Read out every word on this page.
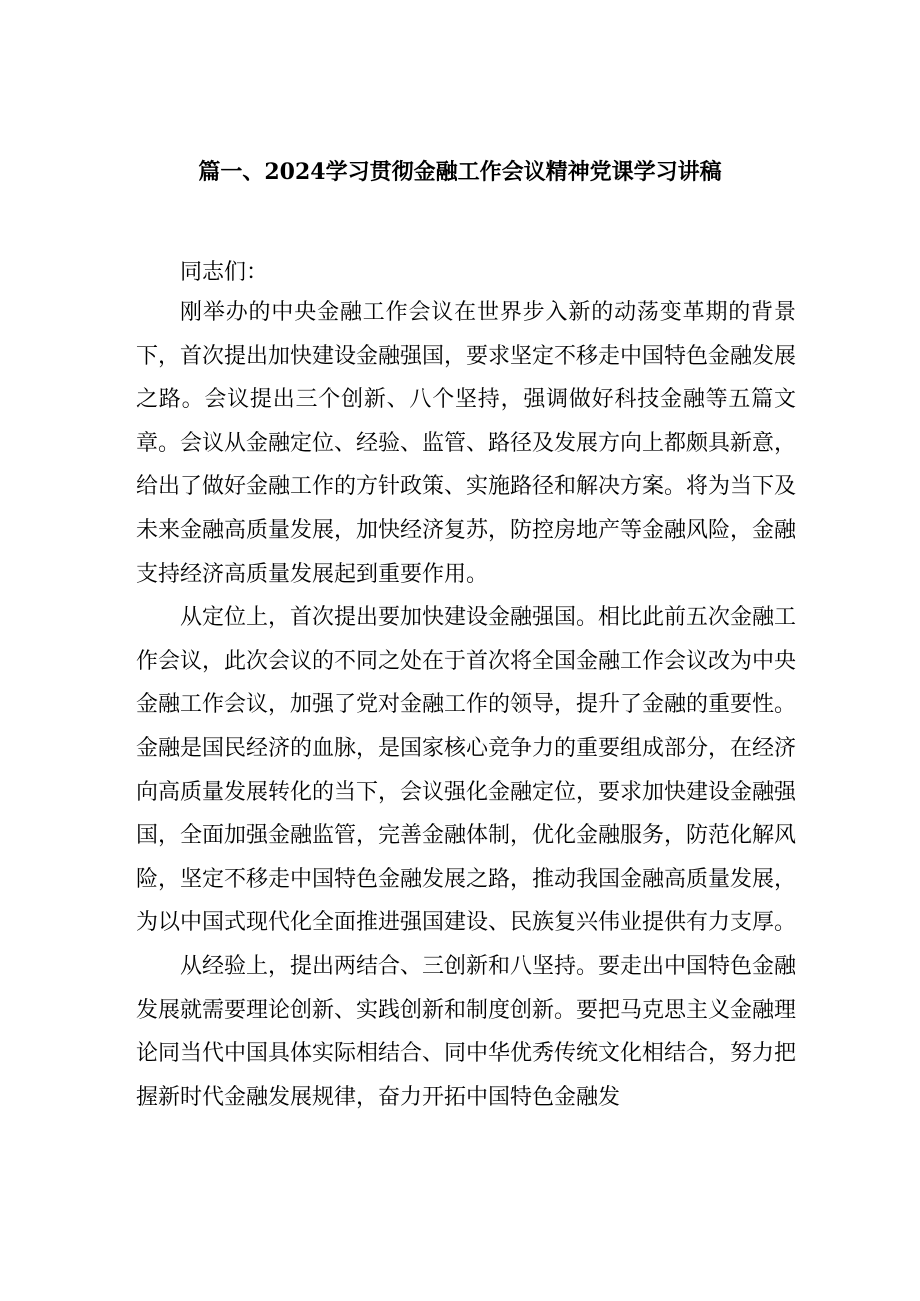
篇一、2024学习贯彻金融工作会议精神党课学习讲稿

同志们：

刚举办的中央金融工作会议在世界步入新的动荡变革期的背景下，首次提出加快建设金融强国，要求坚定不移走中国特色金融发展之路。会议提出三个创新、八个坚持，强调做好科技金融等五篇文章。会议从金融定位、经验、监管、路径及发展方向上都颇具新意，给出了做好金融工作的方针政策、实施路径和解决方案。将为当下及未来金融高质量发展，加快经济复苏，防控房地产等金融风险，金融支持经济高质量发展起到重要作用。

从定位上，首次提出要加快建设金融强国。相比此前五次金融工作会议，此次会议的不同之处在于首次将全国金融工作会议改为中央金融工作会议，加强了党对金融工作的领导，提升了金融的重要性。金融是国民经济的血脉，是国家核心竞争力的重要组成部分，在经济向高质量发展转化的当下，会议强化金融定位，要求加快建设金融强国，全面加强金融监管，完善金融体制，优化金融服务，防范化解风险，坚定不移走中国特色金融发展之路，推动我国金融高质量发展，为以中国式现代化全面推进强国建设、民族复兴伟业提供有力支厚。

从经验上，提出两结合、三创新和八坚持。要走出中国特色金融发展就需要理论创新、实践创新和制度创新。要把马克思主义金融理论同当代中国具体实际相结合、同中华优秀传统文化相结合，努力把握新时代金融发展规律，奋力开拓中国特色金融发
